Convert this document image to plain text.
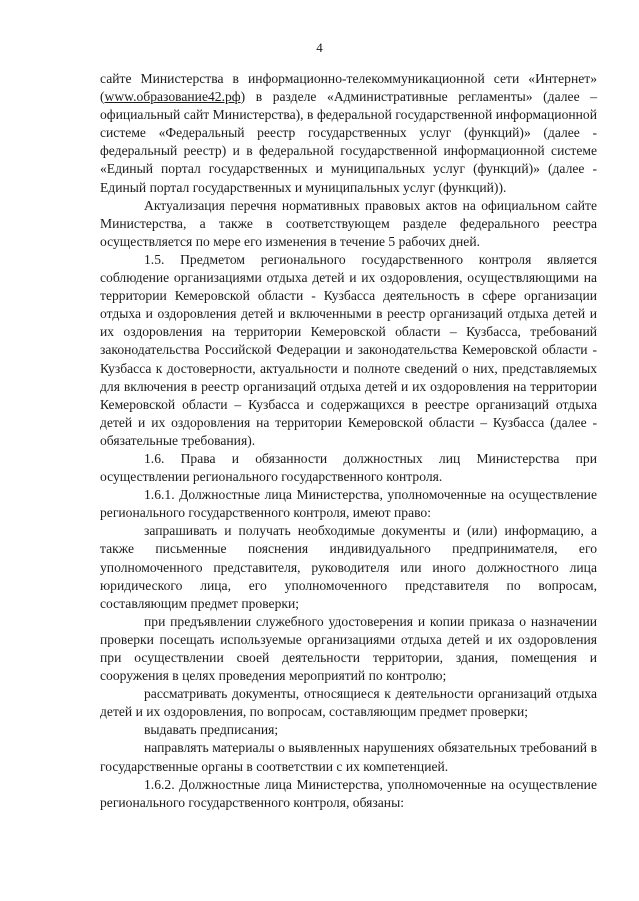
4

сайте Министерства в информационно-телекоммуникационной сети «Интернет» (www.образование42.рф) в разделе «Административные регламенты» (далее – официальный сайт Министерства), в федеральной государственной информационной системе «Федеральный реестр государственных услуг (функций)» (далее - федеральный реестр) и в федеральной государственной информационной системе «Единый портал государственных и муниципальных услуг (функций)» (далее - Единый портал государственных и муниципальных услуг (функций)).

Актуализация перечня нормативных правовых актов на официальном сайте Министерства, а также в соответствующем разделе федерального реестра осуществляется по мере его изменения в течение 5 рабочих дней.

1.5. Предметом регионального государственного контроля является соблюдение организациями отдыха детей и их оздоровления, осуществляющими на территории Кемеровской области - Кузбасса деятельность в сфере организации отдыха и оздоровления детей и включенными в реестр организаций отдыха детей и их оздоровления на территории Кемеровской области – Кузбасса, требований законодательства Российской Федерации и законодательства Кемеровской области - Кузбасса к достоверности, актуальности и полноте сведений о них, представляемых для включения в реестр организаций отдыха детей и их оздоровления на территории Кемеровской области – Кузбасса и содержащихся в реестре организаций отдыха детей и их оздоровления на территории Кемеровской области – Кузбасса (далее - обязательные требования).

1.6. Права и обязанности должностных лиц Министерства при осуществлении регионального государственного контроля.

1.6.1. Должностные лица Министерства, уполномоченные на осуществление регионального государственного контроля, имеют право:

запрашивать и получать необходимые документы и (или) информацию, а также письменные пояснения индивидуального предпринимателя, его уполномоченного представителя, руководителя или иного должностного лица юридического лица, его уполномоченного представителя по вопросам, составляющим предмет проверки;

при предъявлении служебного удостоверения и копии приказа о назначении проверки посещать используемые организациями отдыха детей и их оздоровления при осуществлении своей деятельности территории, здания, помещения и сооружения в целях проведения мероприятий по контролю;

рассматривать документы, относящиеся к деятельности организаций отдыха детей и их оздоровления, по вопросам, составляющим предмет проверки;

выдавать предписания;

направлять материалы о выявленных нарушениях обязательных требований в государственные органы в соответствии с их компетенцией.

1.6.2. Должностные лица Министерства, уполномоченные на осуществление регионального государственного контроля, обязаны:
